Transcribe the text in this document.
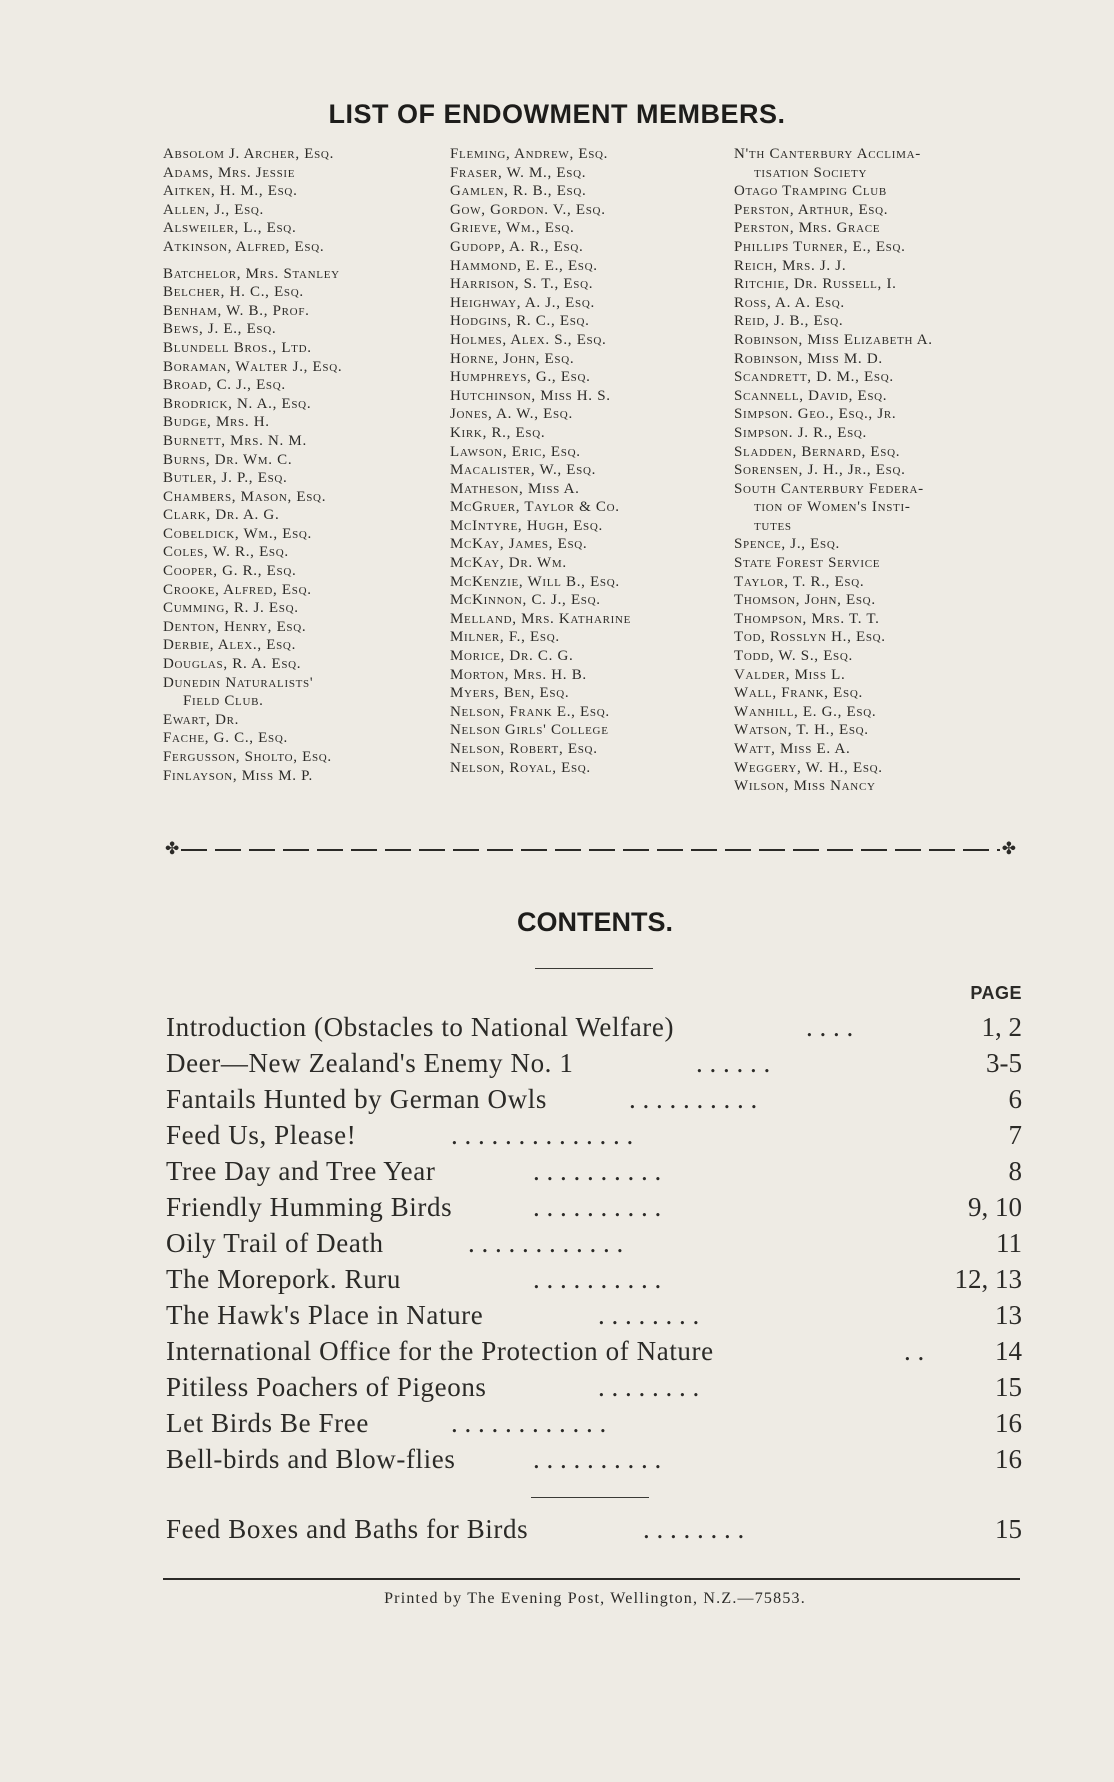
LIST OF ENDOWMENT MEMBERS.
Absolom J. Archer, Esq.
Adams, Mrs. Jessie
Aitken, H. M., Esq.
Allen, J., Esq.
Alsweiler, L., Esq.
Atkinson, Alfred, Esq.
Batchelor, Mrs. Stanley
Belcher, H. C., Esq.
Benham, W. B., Prof.
Bews, J. E., Esq.
Blundell Bros., Ltd.
Boraman, Walter J., Esq.
Broad, C. J., Esq.
Brodrick, N. A., Esq.
Budge, Mrs. H.
Burnett, Mrs. N. M.
Burns, Dr. Wm. C.
Butler, J. P., Esq.
Chambers, Mason, Esq.
Clark, Dr. A. G.
Cobeldick, Wm., Esq.
Coles, W. R., Esq.
Cooper, G. R., Esq.
Crooke, Alfred, Esq.
Cumming, R. J. Esq.
Denton, Henry, Esq.
Derbie, Alex., Esq.
Douglas, R. A. Esq.
Dunedin Naturalists'
Field Club.
Ewart, Dr.
Fache, G. C., Esq.
Fergusson, Sholto, Esq.
Finlayson, Miss M. P.
Fleming, Andrew, Esq.
Fraser, W. M., Esq.
Gamlen, R. B., Esq.
Gow, Gordon. V., Esq.
Grieve, Wm., Esq.
Gudopp, A. R., Esq.
Hammond, E. E., Esq.
Harrison, S. T., Esq.
Heighway, A. J., Esq.
Hodgins, R. C., Esq.
Holmes, Alex. S., Esq.
Horne, John, Esq.
Humphreys, G., Esq.
Hutchinson, Miss H. S.
Jones, A. W., Esq.
Kirk, R., Esq.
Lawson, Eric, Esq.
Macalister, W., Esq.
Matheson, Miss A.
McGruer, Taylor & Co.
McIntyre, Hugh, Esq.
McKay, James, Esq.
McKay, Dr. Wm.
McKenzie, Will B., Esq.
McKinnon, C. J., Esq.
Melland, Mrs. Katharine
Milner, F., Esq.
Morice, Dr. C. G.
Morton, Mrs. H. B.
Myers, Ben, Esq.
Nelson, Frank E., Esq.
Nelson Girls' College
Nelson, Robert, Esq.
Nelson, Royal, Esq.
N'th Canterbury Acclima-
tisation Society
Otago Tramping Club
Perston, Arthur, Esq.
Perston, Mrs. Grace
Phillips Turner, E., Esq.
Reich, Mrs. J. J.
Ritchie, Dr. Russell, I.
Ross, A. A. Esq.
Reid, J. B., Esq.
Robinson, Miss Elizabeth A.
Robinson, Miss M. D.
Scandrett, D. M., Esq.
Scannell, David, Esq.
Simpson. Geo., Esq., Jr.
Simpson. J. R., Esq.
Sladden, Bernard, Esq.
Sorensen, J. H., Jr., Esq.
South Canterbury Federa-
tion of Women's Insti-
tutes
Spence, J., Esq.
State Forest Service
Taylor, T. R., Esq.
Thomson, John, Esq.
Thompson, Mrs. T. T.
Tod, Rosslyn H., Esq.
Todd, W. S., Esq.
Valder, Miss L.
Wall, Frank, Esq.
Wanhill, E. G., Esq.
Watson, T. H., Esq.
Watt, Miss E. A.
Weggery, W. H., Esq.
Wilson, Miss Nancy
✤	✤
CONTENTS.
PAGE
Introduction (Obstacles to National Welfare)	. . . .	1, 2
Deer—New Zealand's Enemy No. 1	. . . . . .	3-5
Fantails Hunted by German Owls	. . . . . . . . . .	6
Feed Us, Please!	. . . . . . . . . . . . . .	7
Tree Day and Tree Year	. . . . . . . . . .	8
Friendly Humming Birds	. . . . . . . . . .	9, 10
Oily Trail of Death	. . . . . . . . . . . .	11
The Morepork. Ruru	. . . . . . . . . .	12, 13
The Hawk's Place in Nature	. . . . . . . .	13
International Office for the Protection of Nature	. .	14
Pitiless Poachers of Pigeons	. . . . . . . .	15
Let Birds Be Free	. . . . . . . . . . . .	16
Bell-birds and Blow-flies	. . . . . . . . . .	16
Feed Boxes and Baths for Birds	. . . . . . . .	15
Printed by The Evening Post, Wellington, N.Z.—75853.
